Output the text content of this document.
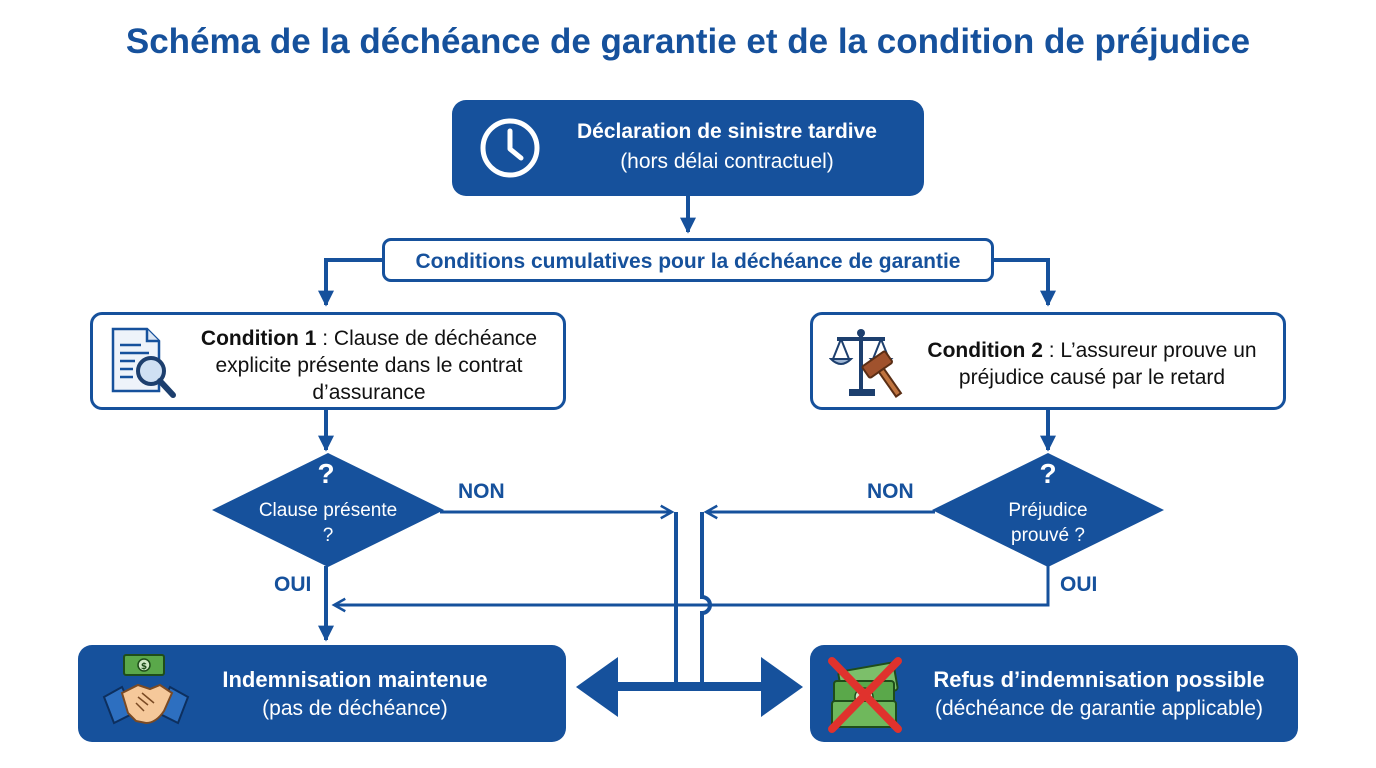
Schéma de la déchéance de garantie et de la condition de préjudice
Déclaration de sinistre tardive
(hors délai contractuel)
Conditions cumulatives pour la déchéance de garantie
Condition 1 : Clause de déchéance
explicite présente dans le contrat
d’assurance
Condition 2 : L’assureur prouve un
préjudice causé par le retard
?
Clause présente
?
?
Préjudice
prouvé ?
NON	NON
OUI	OUI
$	Indemnisation maintenue
(pas de déchéance)
Refus d’indemnisation possible
(déchéance de garantie applicable)
